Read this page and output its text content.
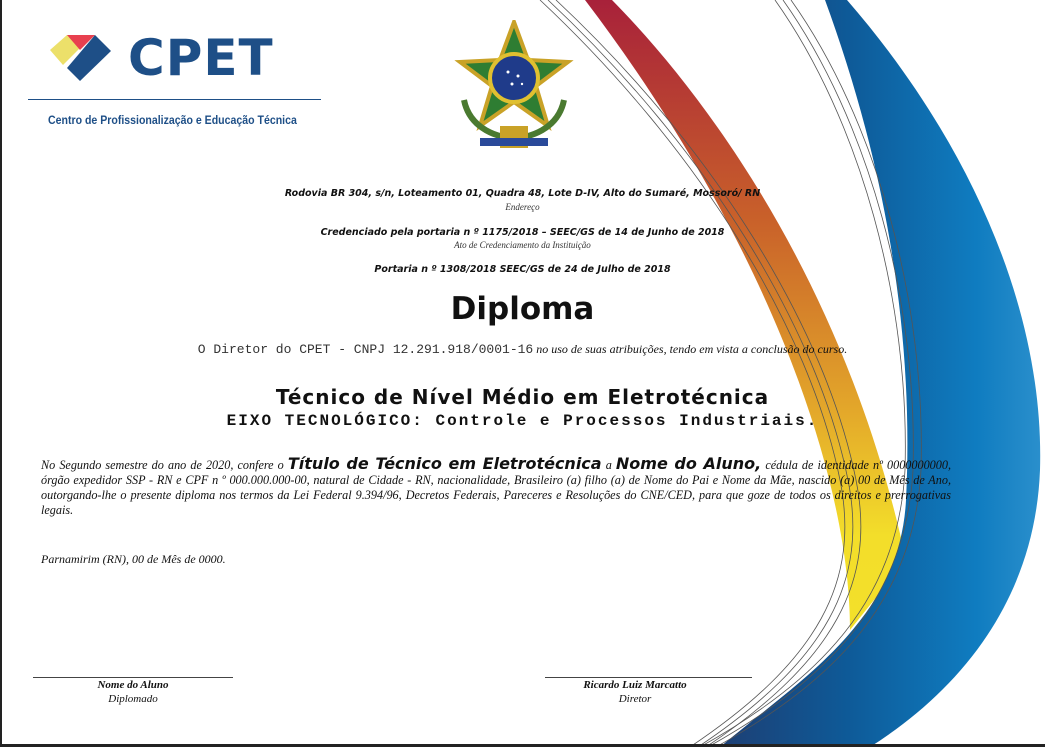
CPET
Centro de Profissionalização e Educação Técnica
Rodovia BR 304, s/n, Loteamento 01, Quadra 48, Lote D-IV, Alto do Sumaré, Mossoró/ RN
Endereço
Credenciado pela portaria n º 1175/2018 – SEEC/GS de 14 de Junho de 2018
Ato de Credenciamento da Instituição
Portaria n º 1308/2018 SEEC/GS de 24 de Julho de 2018
Diploma
O Diretor do CPET - CNPJ 12.291.918/0001-16 no uso de suas atribuições, tendo em vista a conclusão do curso.
Técnico de Nível Médio em Eletrotécnica
EIXO TECNOLÓGICO: Controle e Processos Industriais.
No Segundo semestre do ano de 2020, confere o Título de Técnico em Eletrotécnica a Nome do Aluno, cédula de identidade nº 0000000000, órgão expedidor SSP - RN e CPF n º 000.000.000-00, natural de Cidade - RN, nacionalidade, Brasileiro (a) filho (a) de Nome do Pai e Nome da Mãe, nascido (a) 00 de Mês de Ano, outorgando-lhe o presente diploma nos termos da Lei Federal 9.394/96, Decretos Federais, Pareceres e Resoluções do CNE/CED, para que goze de todos os direitos e prerrogativas legais.
Parnamirim (RN), 00 de Mês de 0000.
Nome do Aluno
Diplomado
Ricardo Luiz Marcatto
Diretor
